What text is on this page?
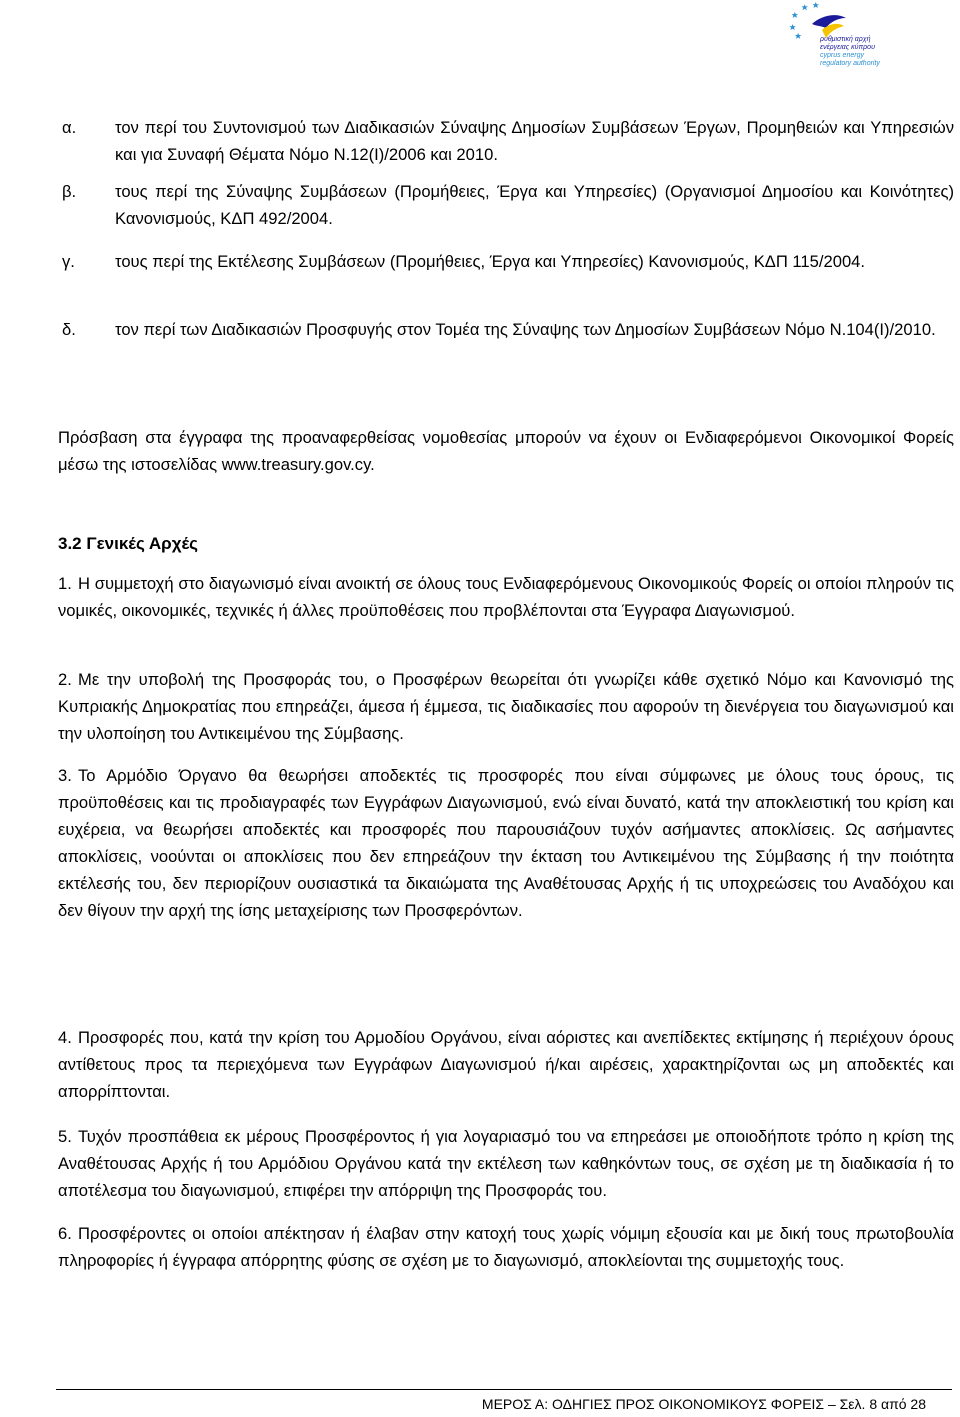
ρυθμιστική αρχή
ενέργειας κύπρου
cyprus energy
regulatory authority
α. τον περί του Συντονισμού των Διαδικασιών Σύναψης Δημοσίων Συμβάσεων Έργων, Προμηθειών και Υπηρεσιών και για Συναφή Θέματα Νόμο Ν.12(Ι)/2006 και 2010.
β. τους περί της Σύναψης Συμβάσεων (Προμήθειες, Έργα και Υπηρεσίες) (Οργανισμοί Δημοσίου και Κοινότητες) Κανονισμούς, ΚΔΠ 492/2004.
γ. τους περί της Εκτέλεσης Συμβάσεων (Προμήθειες, Έργα και Υπηρεσίες) Κανονισμούς, ΚΔΠ 115/2004.
δ. τον περί των Διαδικασιών Προσφυγής στον Τομέα της Σύναψης των Δημοσίων Συμβάσεων Νόμο Ν.104(Ι)/2010.
Πρόσβαση στα έγγραφα της προαναφερθείσας νομοθεσίας μπορούν να έχουν οι Ενδιαφερόμενοι Οικονομικοί Φορείς μέσω της ιστοσελίδας www.treasury.gov.cy.
3.2 Γενικές Αρχές
1. Η συμμετοχή στο διαγωνισμό είναι ανοικτή σε όλους τους Ενδιαφερόμενους Οικονομικούς Φορείς οι οποίοι πληρούν τις νομικές, οικονομικές, τεχνικές ή άλλες προϋποθέσεις που προβλέπονται στα Έγγραφα Διαγωνισμού.
2. Με την υποβολή της Προσφοράς του, ο Προσφέρων θεωρείται ότι γνωρίζει κάθε σχετικό Νόμο και Κανονισμό της Κυπριακής Δημοκρατίας που επηρεάζει, άμεσα ή έμμεσα, τις διαδικασίες που αφορούν τη διενέργεια του διαγωνισμού και την υλοποίηση του Αντικειμένου της Σύμβασης.
3. Το Αρμόδιο Όργανο θα θεωρήσει αποδεκτές τις προσφορές που είναι σύμφωνες με όλους τους όρους, τις προϋποθέσεις και τις προδιαγραφές των Εγγράφων Διαγωνισμού, ενώ είναι δυνατό, κατά την αποκλειστική του κρίση και ευχέρεια, να θεωρήσει αποδεκτές και προσφορές που παρουσιάζουν τυχόν ασήμαντες αποκλίσεις. Ως ασήμαντες αποκλίσεις, νοούνται οι αποκλίσεις που δεν επηρεάζουν την έκταση του Αντικειμένου της Σύμβασης ή την ποιότητα εκτέλεσής του, δεν περιορίζουν ουσιαστικά τα δικαιώματα της Αναθέτουσας Αρχής ή τις υποχρεώσεις του Αναδόχου και δεν θίγουν την αρχή της ίσης μεταχείρισης των Προσφερόντων.
4. Προσφορές που, κατά την κρίση του Αρμοδίου Οργάνου, είναι αόριστες και ανεπίδεκτες εκτίμησης ή περιέχουν όρους αντίθετους προς τα περιεχόμενα των Εγγράφων Διαγωνισμού ή/και αιρέσεις, χαρακτηρίζονται ως μη αποδεκτές και απορρίπτονται.
5. Τυχόν προσπάθεια εκ μέρους Προσφέροντος ή για λογαριασμό του να επηρεάσει με οποιοδήποτε τρόπο η κρίση της Αναθέτουσας Αρχής ή του Αρμόδιου Οργάνου κατά την εκτέλεση των καθηκόντων τους, σε σχέση με τη διαδικασία ή το αποτέλεσμα του διαγωνισμού, επιφέρει την απόρριψη της Προσφοράς του.
6. Προσφέροντες οι οποίοι απέκτησαν ή έλαβαν στην κατοχή τους χωρίς νόμιμη εξουσία και με δική τους πρωτοβουλία πληροφορίες ή έγγραφα απόρρητης φύσης σε σχέση με το διαγωνισμό, αποκλείονται της συμμετοχής τους.
ΜΕΡΟΣ Α: ΟΔΗΓΙΕΣ ΠΡΟΣ ΟΙΚΟΝΟΜΙΚΟΥΣ ΦΟΡΕΙΣ – Σελ. 8 από 28
